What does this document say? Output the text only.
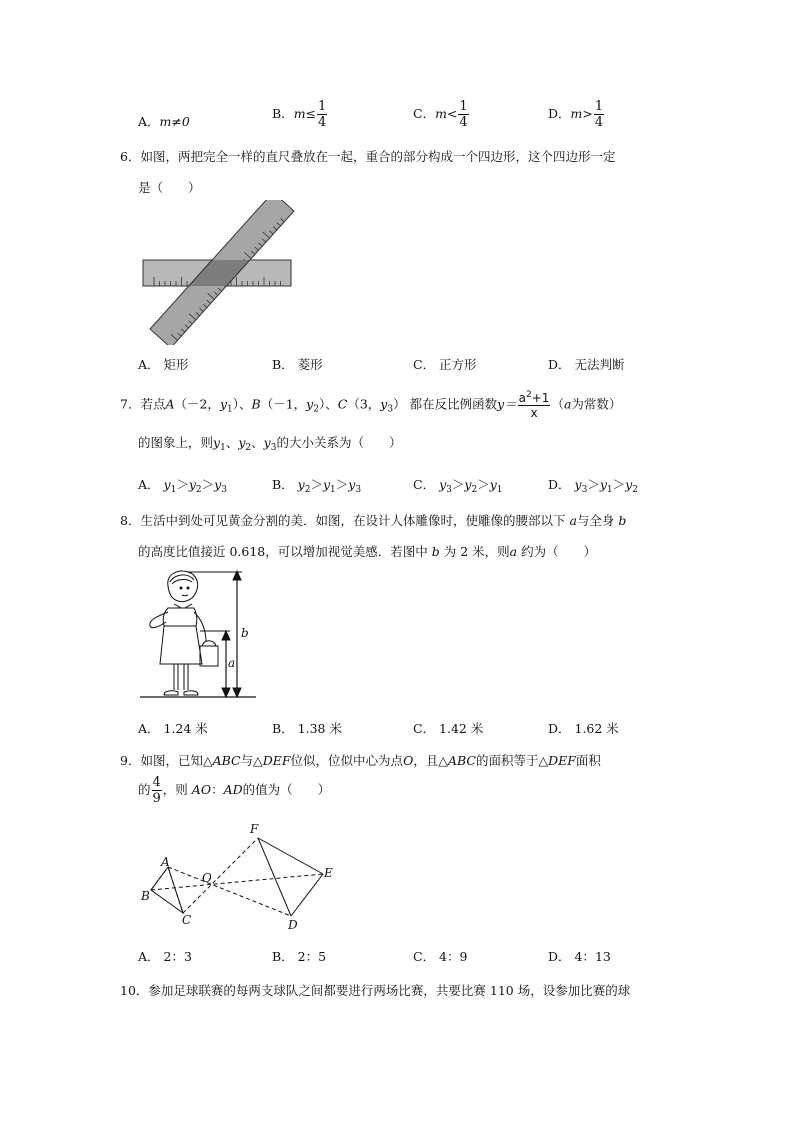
A．m≠0
B．$m\le \frac{1}{4}$	C．$m< \frac{1}{4}$	D．$m> \frac{1}{4}$
6．如图，两把完全一样的直尺叠放在一起，重合的部分构成一个四边形，这个四边形一定
是（　　）
A． 矩形	B． 菱形	C． 正方形	D． 无法判断
7．若点A（－2，$y_1$）、B（－1，$y_2$）、C（3，$y_3$） 都在反比例函数$y= \frac{a^2+1}{x} (a$为常数）
的图象上，则$y_1$、$y_2$、$y_3$的大小关系为（　　）
A． $y_1>y_2>y_3$	B． $y_2>y_1>y_3$	C． $y_3>y_2>y_1$	D． $y_3>y_1>y_2$
8．生活中到处可见黄金分割的美．如图，在设计人体雕像时，使雕像的腰部以下 a与全身 b
的高度比值接近 0.618，可以增加视觉美感．若图中 b 为 2 米，则a 约为（　　）
b
a
A． 1.24 米	B． 1.38 米	C． 1.42 米	D． 1.62 米
9．如图，已知△ABC与△DEF位似，位似中心为点O，且△ABC的面积等于△DEF面积
的 $\frac{4}{9}$ ，则 AO：AD的值为（　　）
A
B
C
O
F
E
D
A． 2：3	B． 2：5	C． 4：9	D． 4：13
10．参加足球联赛的每两支球队之间都要进行两场比赛，共要比赛 110 场，设参加比赛的球
